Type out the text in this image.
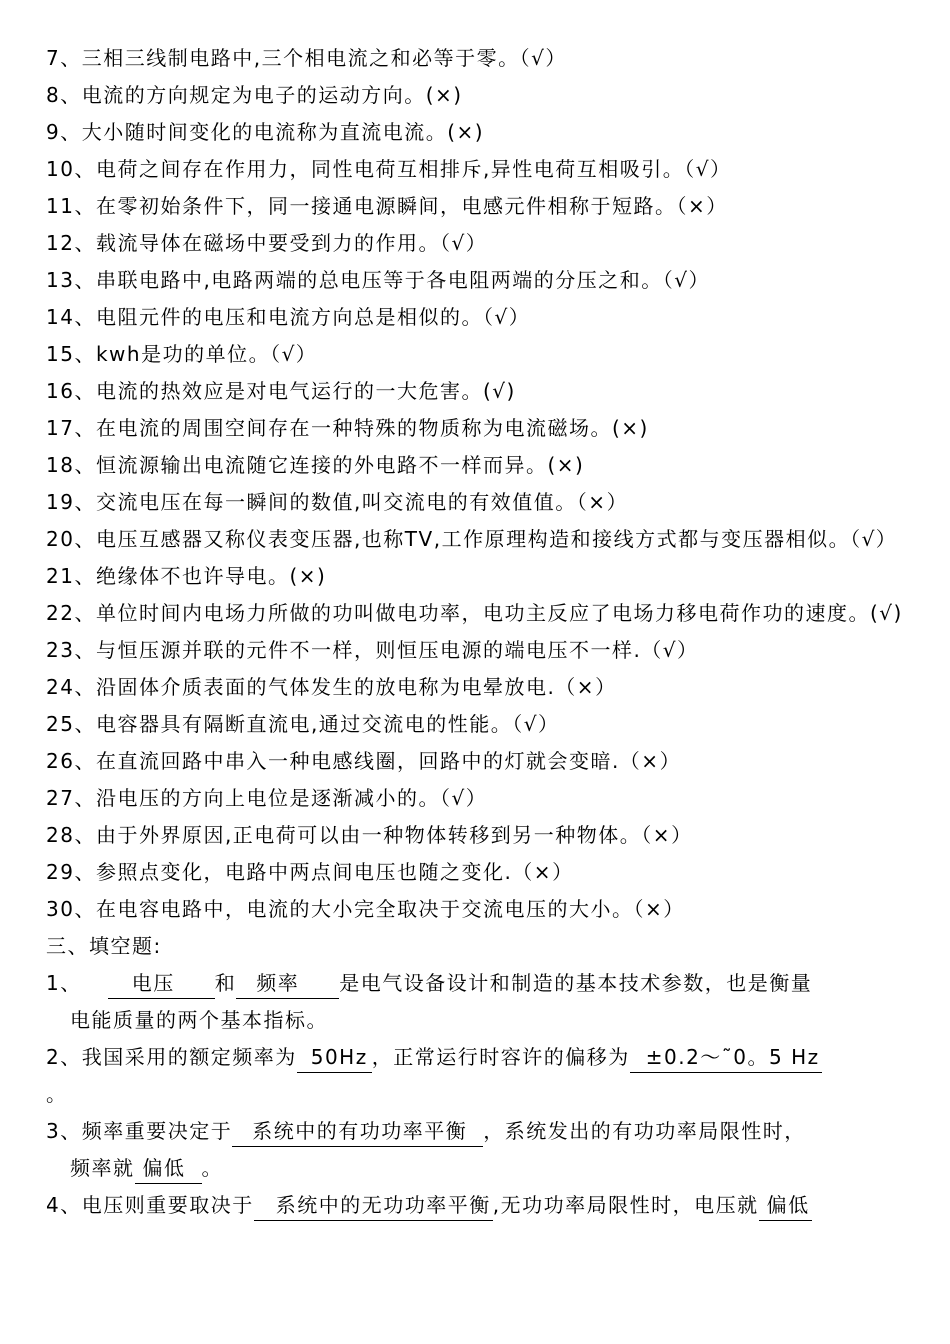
7、 三相三线制电路中,三个相电流之和必等于零。（√）
8、 电流的方向规定为电子的运动方向。(×)
9、 大小随时间变化的电流称为直流电流。(×)
10、 电荷之间存在作用力，同性电荷互相排斥,异性电荷互相吸引。（√）
11、 在零初始条件下，同一接通电源瞬间，电感元件相称于短路。（×）
12、 载流导体在磁场中要受到力的作用。（√）
13、 串联电路中,电路两端的总电压等于各电阻两端的分压之和。（√）
14、 电阻元件的电压和电流方向总是相似的。（√）
15、 kwh是功的单位。（√）
16、 电流的热效应是对电气运行的一大危害。(√)
17、 在电流的周围空间存在一种特殊的物质称为电流磁场。(×)
18、 恒流源输出电流随它连接的外电路不一样而异。(×)
19、 交流电压在每一瞬间的数值,叫交流电的有效值值。（×）
20、 电压互感器又称仪表变压器,也称TV,工作原理构造和接线方式都与变压器相似。（√）
21、 绝缘体不也许导电。(×)
22、 单位时间内电场力所做的功叫做电功率，电功主反应了电场力移电荷作功的速度。(√)
23、 与恒压源并联的元件不一样，则恒压电源的端电压不一样.（√）
24、 沿固体介质表面的气体发生的放电称为电晕放电.（×）
25、 电容器具有隔断直流电,通过交流电的性能。（√）
26、 在直流回路中串入一种电感线圈，回路中的灯就会变暗.（×）
27、 沿电压的方向上电位是逐渐减小的。（√）
28、 由于外界原因,正电荷可以由一种物体转移到另一种物体。（×）
29、 参照点变化，电路中两点间电压也随之变化.（×）
30、 在电容电路中，电流的大小完全取决于交流电压的大小。（×）
三、填空题:
1、	电压 和 频率 是电气设备设计和制造的基本技术参数，也是衡量
电能质量的两个基本指标。
2、我国采用的额定频率为 50Hz ，正常运行时容许的偏移为 ±0.2～˜0。5 Hz
。
3、频率重要决定于 系统中的有功功率平衡 ，系统发出的有功功率局限性时，
频率就 偏低 。
4、电压则重要取决于 系统中的无功功率平衡 ,无功功率局限性时，电压就 偏低
